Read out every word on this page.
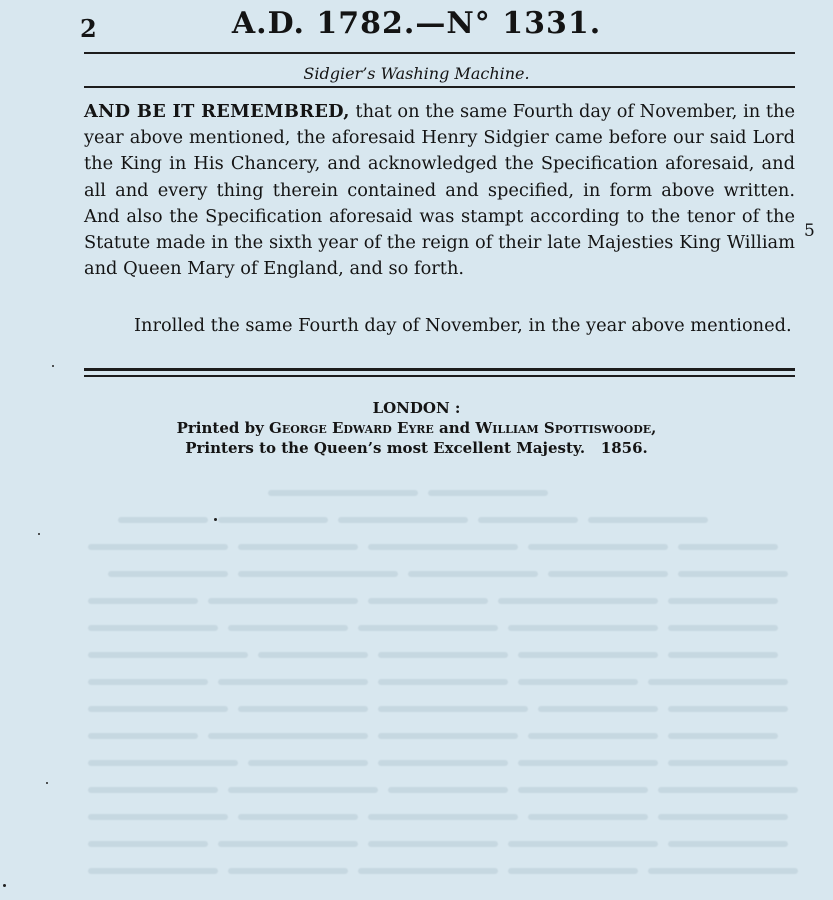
2	A.D. 1782.—N° 1331.
Sidgier’s Washing Machine.
AND BE IT REMEMBRED, that on the same Fourth day of November, in the year above mentioned, the aforesaid Henry Sidgier came before our said Lord the King in His Chancery, and acknowledged the Specification aforesaid, and all and every thing therein contained and specified, in form above written. And also the Specification aforesaid was stampt according to the tenor of the Statute made in the sixth year of the reign of their late Majesties King William and Queen Mary of England, and so forth.
5
Inrolled the same Fourth day of November, in the year above mentioned.
LONDON :
Printed by George Edward Eyre and William Spottiswoode,
Printers to the Queen’s most Excellent Majesty. 1856.
